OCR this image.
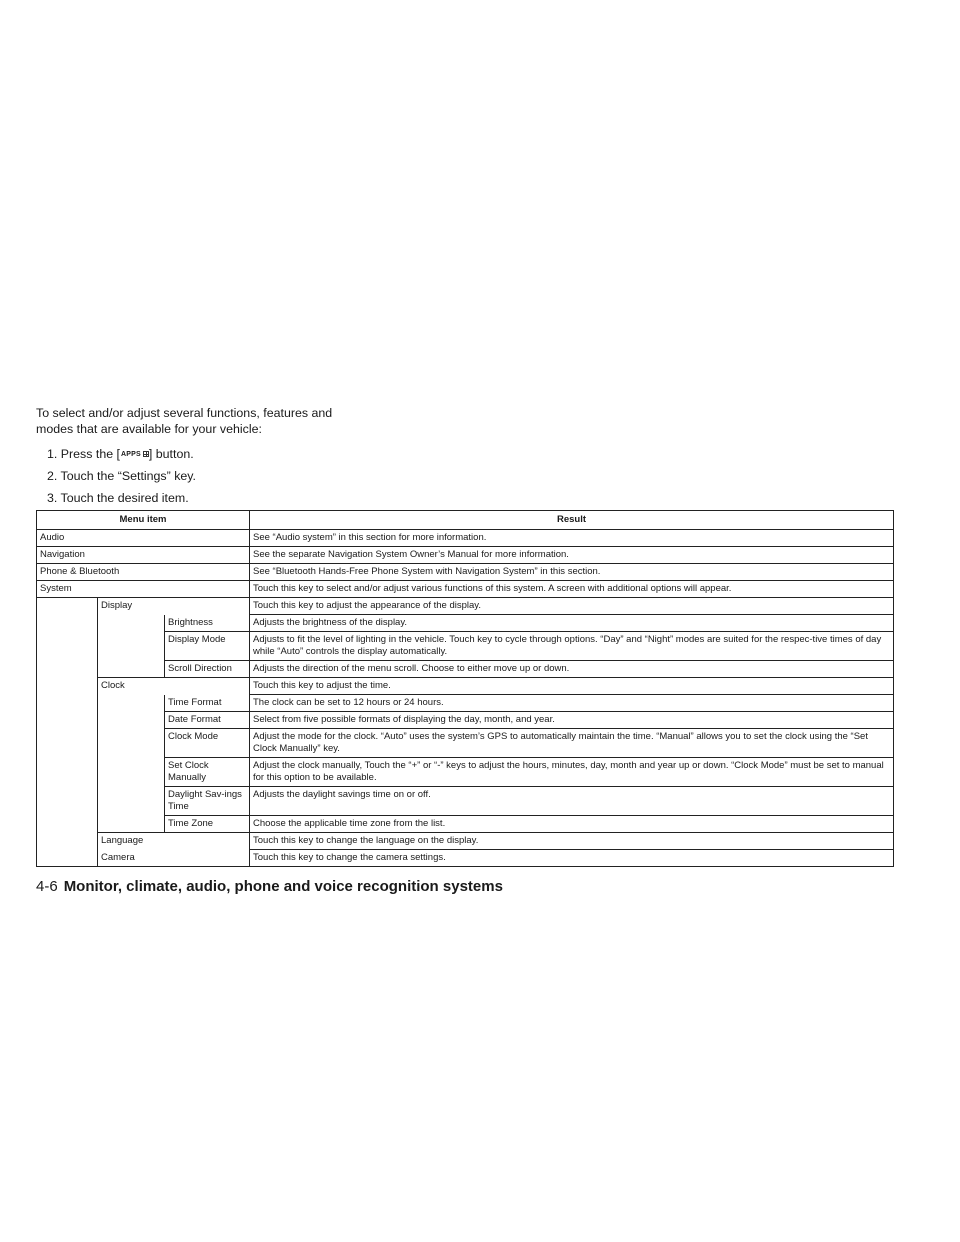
To select and/or adjust several functions, features and modes that are available for your vehicle:
1. Press the [APPS ] button.
2. Touch the “Settings” key.
3. Touch the desired item.
Menu item			Result
Audio			See “Audio system” in this section for more information.
Navigation			See the separate Navigation System Owner’s Manual for more information.
Phone & Bluetooth			See “Bluetooth Hands-Free Phone System with Navigation System” in this section.
System			Touch this key to select and/or adjust various functions of this system. A screen with additional options will appear.
	Display		Touch this key to adjust the appearance of the display.
		Brightness	Adjusts the brightness of the display.
		Display Mode	Adjusts to fit the level of lighting in the vehicle. Touch key to cycle through options. “Day” and “Night” modes are suited for the respec-tive times of day while “Auto” controls the display automatically.
		Scroll Direction	Adjusts the direction of the menu scroll. Choose to either move up or down.
	Clock		Touch this key to adjust the time.
		Time Format	The clock can be set to 12 hours or 24 hours.
		Date Format	Select from five possible formats of displaying the day, month, and year.
		Clock Mode	Adjust the mode for the clock. “Auto” uses the system’s GPS to automatically maintain the time. “Manual” allows you to set the clock using the “Set Clock Manually” key.
		Set Clock Manually	Adjust the clock manually, Touch the “+” or “-” keys to adjust the hours, minutes, day, month and year up or down. “Clock Mode” must be set to manual for this option to be available.
		Daylight Sav-ings Time	Adjusts the daylight savings time on or off.
		Time Zone	Choose the applicable time zone from the list.
	Language		Touch this key to change the language on the display.
	Camera		Touch this key to change the camera settings.
4-6 Monitor, climate, audio, phone and voice recognition systems
